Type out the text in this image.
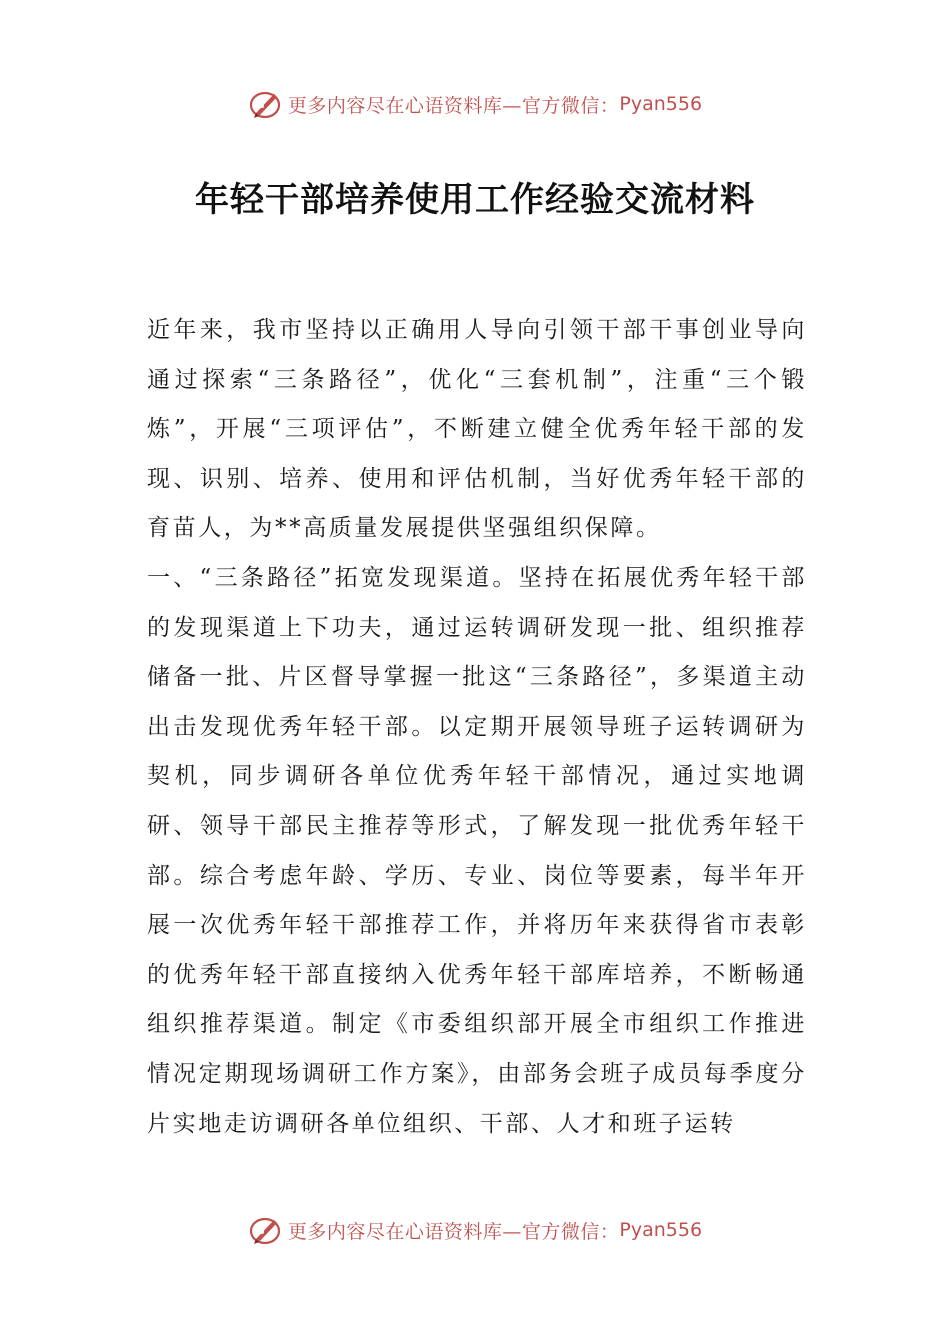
更多内容尽在心语资料库—官方微信： Pyan556
年轻干部培养使用工作经验交流材料

近年来，我市坚持以正确用人导向引领干部干事创业导向通过探索“三条路径”，优化“三套机制”，注重“三个锻炼”，开展“三项评估”，不断建立健全优秀年轻干部的发现、识别、培养、使用和评估机制，当好优秀年轻干部的育苗人，为**高质量发展提供坚强组织保障。

一、“三条路径”拓宽发现渠道。坚持在拓展优秀年轻干部的发现渠道上下功夫，通过运转调研发现一批、组织推荐储备一批、片区督导掌握一批这“三条路径”，多渠道主动出击发现优秀年轻干部。以定期开展领导班子运转调研为契机，同步调研各单位优秀年轻干部情况，通过实地调研、领导干部民主推荐等形式，了解发现一批优秀年轻干部。综合考虑年龄、学历、专业、岗位等要素，每半年开展一次优秀年轻干部推荐工作，并将历年来获得省市表彰的优秀年轻干部直接纳入优秀年轻干部库培养，不断畅通组织推荐渠道。制定《市委组织部开展全市组织工作推进情况定期现场调研工作方案》，由部务会班子成员每季度分片实地走访调研各单位组织、干部、人才和班子运转

更多内容尽在心语资料库—官方微信： Pyan556
